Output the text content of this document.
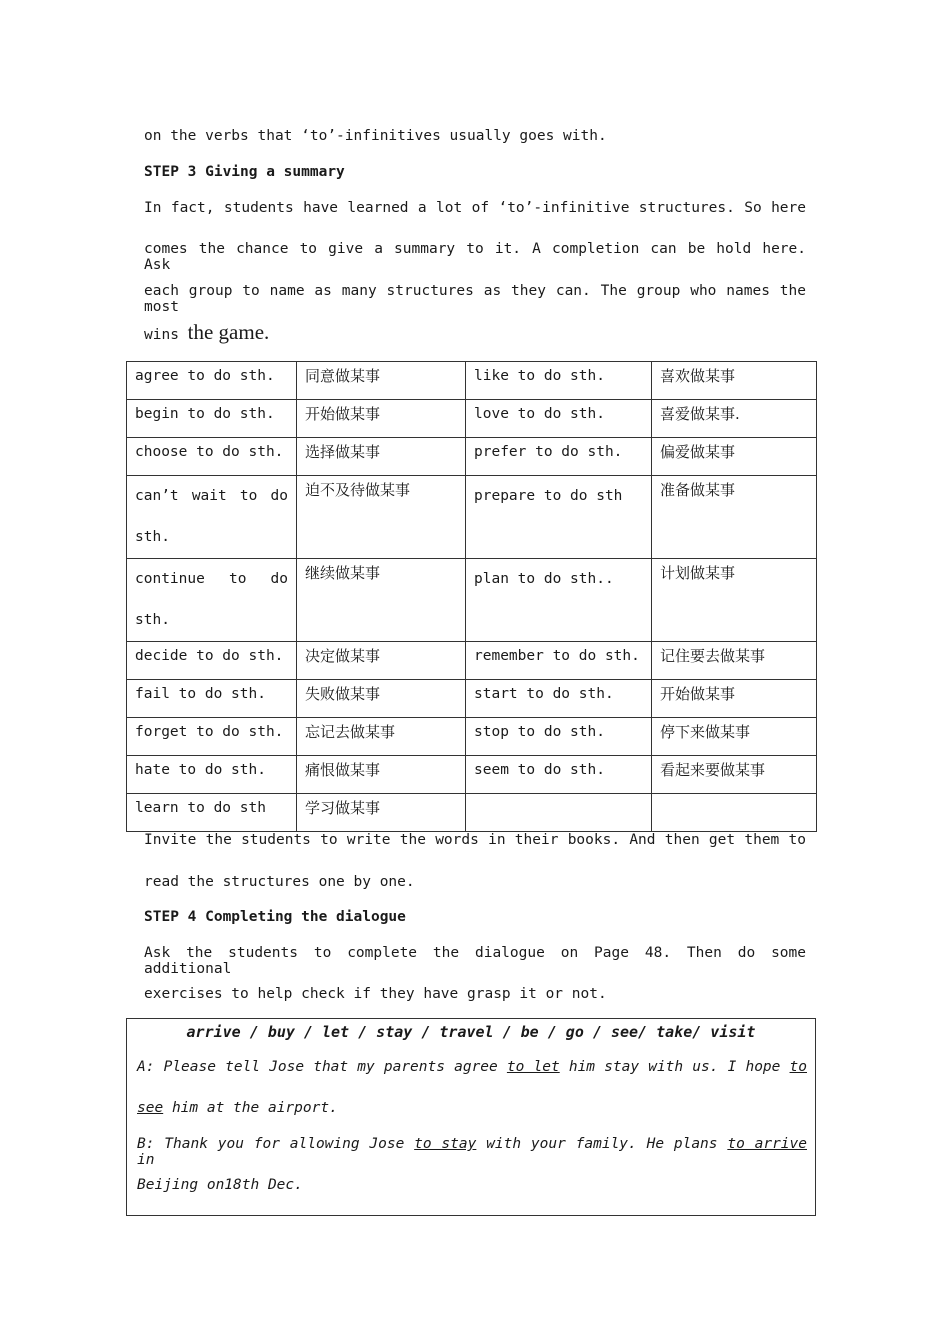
on the verbs that ‘to’-infinitives usually goes with.
STEP 3 Giving a summary
In fact, students have learned a lot of ‘to’-infinitive structures. So here
comes the chance to give a summary to it. A completion can be hold here. Ask
each group to name as many structures as they can. The group who names the most
wins the game.
agree to do sth.	同意做某事	like to do sth.	喜欢做某事
begin to do sth.	开始做某事	love to do sth.	喜爱做某事.
choose to do sth.	选择做某事	prefer to do sth.	偏爱做某事
can’t wait to do sth.	迫不及待做某事	prepare to do sth	准备做某事
continue to do sth.	继续做某事	plan to do sth..	计划做某事
decide to do sth.	决定做某事	remember to do sth.	记住要去做某事
fail to do sth.	失败做某事	start to do sth.	开始做某事
forget to do sth.	忘记去做某事	stop to do sth.	停下来做某事
hate to do sth.	痛恨做某事	seem to do sth.	看起来要做某事
learn to do sth	学习做某事		
Invite the students to write the words in their books. And then get them to
read the structures one by one.
STEP 4 Completing the dialogue
Ask the students to complete the dialogue on Page 48. Then do some additional
exercises to help check if they have grasp it or not.
arrive / buy / let / stay / travel / be / go / see/ take/ visit
A: Please tell Jose that my parents agree to let him stay with us. I hope to
see him at the airport.
B: Thank you for allowing Jose to stay with your family. He plans to arrive in
Beijing on18th Dec.
